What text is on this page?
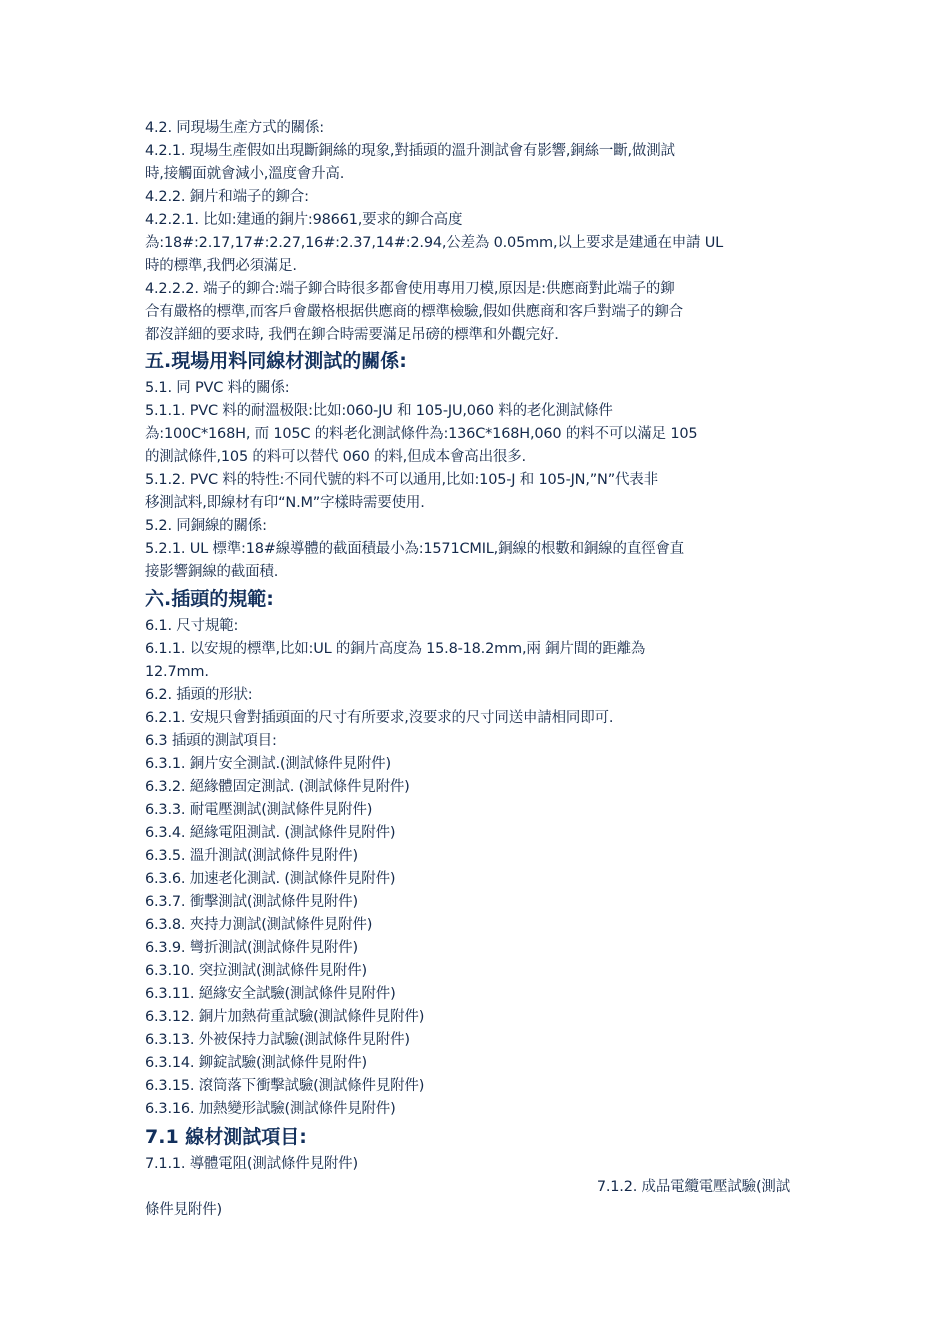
4.2. 同現場生產方式的關係:
4.2.1. 現場生產假如出現斷銅絲的現象,對插頭的溫升測試會有影響,銅絲一斷,做測試
時,接觸面就會減小,溫度會升高.
4.2.2. 銅片和端子的鉚合:
4.2.2.1. 比如:建通的銅片:98661,要求的鉚合高度
為:18#:2.17,17#:2.27,16#:2.37,14#:2.94,公差為 0.05mm,以上要求是建通在申請 UL
時的標準,我們必須滿足.
4.2.2.2. 端子的鉚合:端子鉚合時很多都會使用專用刀模,原因是:供應商對此端子的鉚
合有嚴格的標準,而客戶會嚴格根据供應商的標準檢驗,假如供應商和客戶對端子的鉚合
都沒詳細的要求時, 我們在鉚合時需要滿足吊磅的標準和外觀完好.
五.現場用料同線材測試的關係:
5.1. 同 PVC 料的關係:
5.1.1. PVC 料的耐溫极限:比如:060-JU 和 105-JU,060 料的老化測試條件
為:100C*168H, 而 105C 的料老化測試條件為:136C*168H,060 的料不可以滿足 105
的測試條件,105 的料可以替代 060 的料,但成本會高出很多.
5.1.2. PVC 料的特性:不同代號的料不可以通用,比如:105-J 和 105-JN,”N”代表非
移測試料,即線材有印“N.M”字樣時需要使用.
5.2. 同銅線的關係:
5.2.1. UL 標準:18#線導體的截面積最小為:1571CMIL,銅線的根數和銅線的直徑會直
接影響銅線的截面積.
六.插頭的規範:
6.1. 尺寸規範:
6.1.1. 以安規的標準,比如:UL 的銅片高度為 15.8-18.2mm,兩 銅片間的距離為
12.7mm.
6.2. 插頭的形狀:
6.2.1. 安規只會對插頭面的尺寸有所要求,沒要求的尺寸同送申請相同即可.
6.3 插頭的測試項目:
6.3.1. 銅片安全測試.(測試條件見附件)
6.3.2. 絕緣體固定測試. (測試條件見附件)
6.3.3. 耐電壓測試(測試條件見附件)
6.3.4. 絕緣電阻測試. (測試條件見附件)
6.3.5. 溫升測試(測試條件見附件)
6.3.6. 加速老化測試. (測試條件見附件)
6.3.7. 衝擊測試(測試條件見附件)
6.3.8. 夾持力測試(測試條件見附件)
6.3.9. 彎折測試(測試條件見附件)
6.3.10. 突拉測試(測試條件見附件)
6.3.11. 絕緣安全試驗(測試條件見附件)
6.3.12. 銅片加熱荷重試驗(測試條件見附件)
6.3.13. 外被保持力試驗(測試條件見附件)
6.3.14. 鉚錠試驗(測試條件見附件)
6.3.15. 滾筒落下衝擊試驗(測試條件見附件)
6.3.16. 加熱變形試驗(測試條件見附件)
7.1 線材測試項目:
7.1.1. 導體電阻(測試條件見附件)
7.1.2. 成品電纜電壓試驗(測試
條件見附件)
